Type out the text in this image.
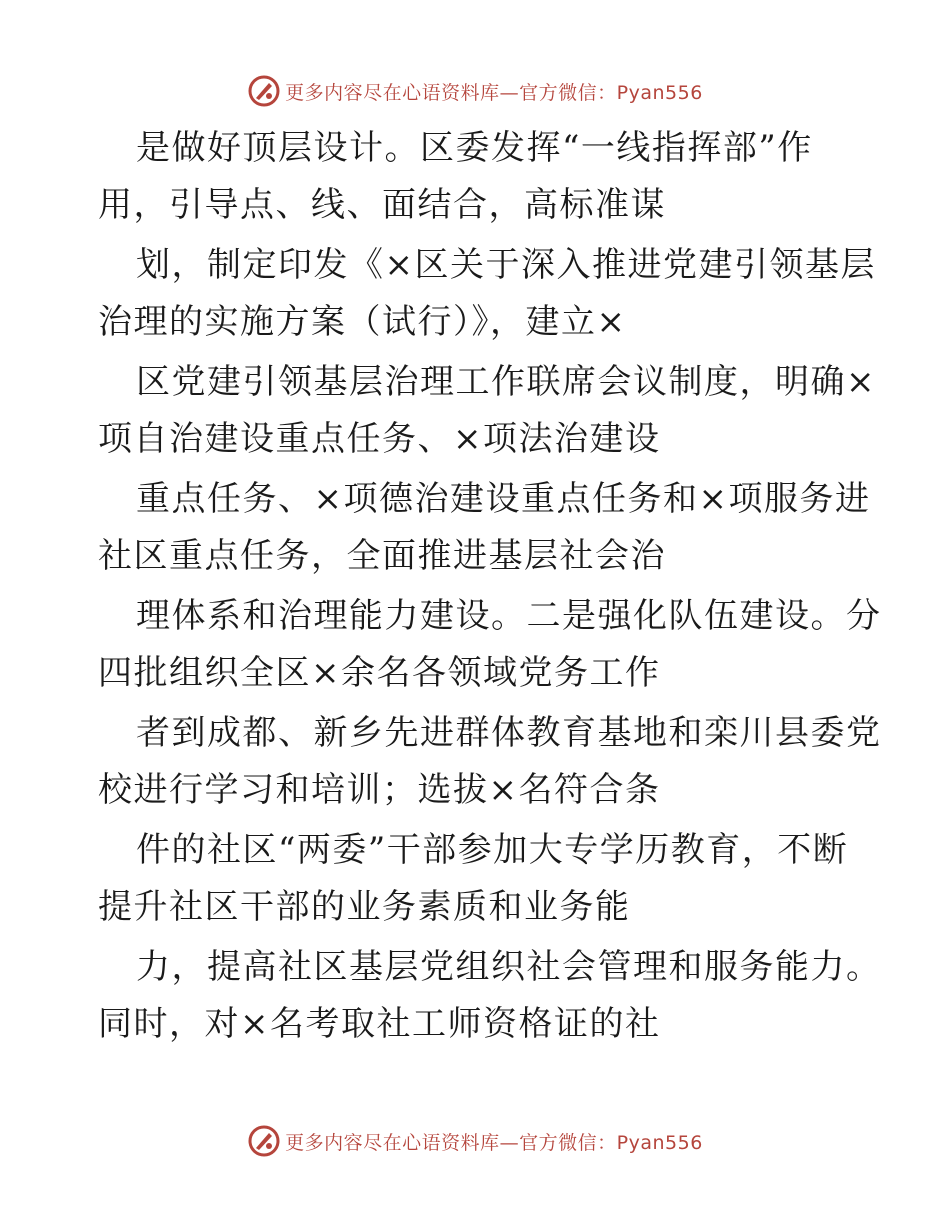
更多内容尽在心语资料库—官方微信：Pyan556
是做好顶层设计。区委发挥“一线指挥部”作
用，引导点、线、面结合，高标准谋
划，制定印发《×区关于深入推进党建引领基层
治理的实施方案（试行）》，建立×
区党建引领基层治理工作联席会议制度，明确×
项自治建设重点任务、×项法治建设
重点任务、×项德治建设重点任务和×项服务进
社区重点任务，全面推进基层社会治
理体系和治理能力建设。二是强化队伍建设。分
四批组织全区×余名各领域党务工作
者到成都、新乡先进群体教育基地和栾川县委党
校进行学习和培训；选拔×名符合条
件的社区“两委”干部参加大专学历教育，不断
提升社区干部的业务素质和业务能
力，提高社区基层党组织社会管理和服务能力。
同时，对×名考取社工师资格证的社
更多内容尽在心语资料库—官方微信：Pyan556
